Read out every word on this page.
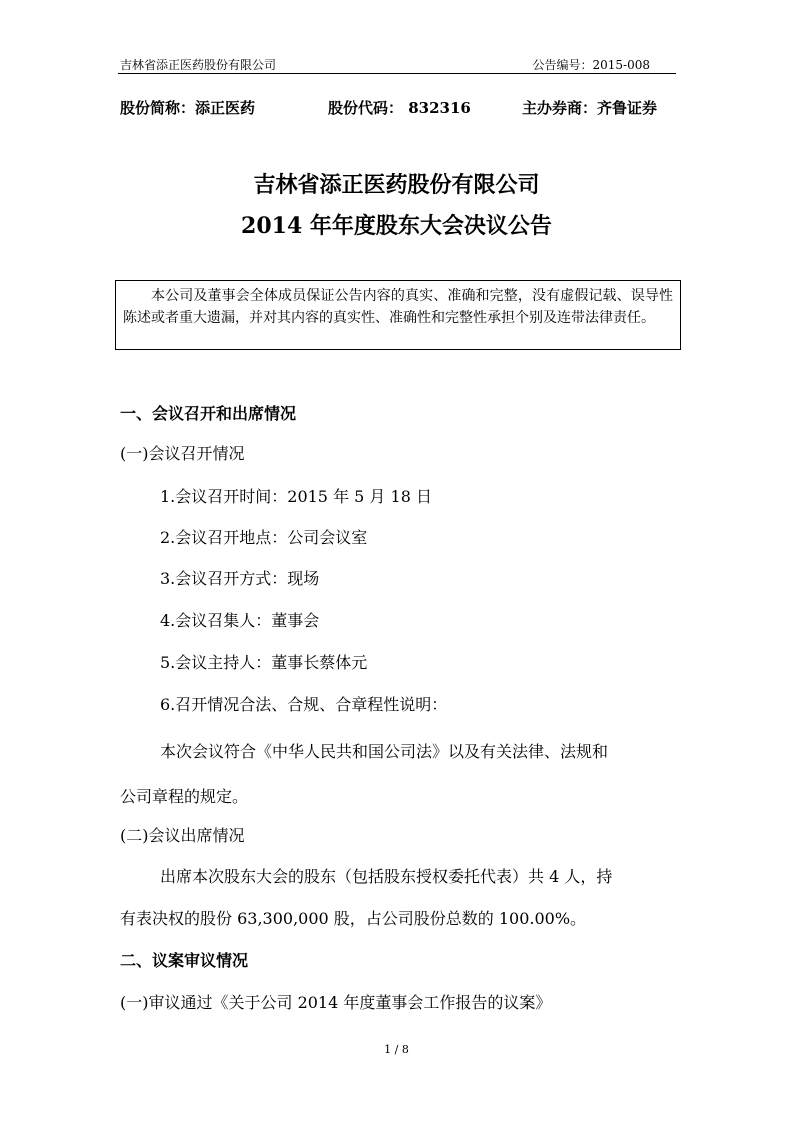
吉林省添正医药股份有限公司	公告编号：2015-008
股份简称：添正医药	股份代码： 832316	主办券商：齐鲁证券
吉林省添正医药股份有限公司
2014 年年度股东大会决议公告
本公司及董事会全体成员保证公告内容的真实、准确和完整，没有虚假记载、误导性陈述或者重大遗漏，并对其内容的真实性、准确性和完整性承担个别及连带法律责任。
一、会议召开和出席情况
(一)会议召开情况
1.会议召开时间：2015 年 5 月 18 日
2.会议召开地点：公司会议室
3.会议召开方式：现场
4.会议召集人：董事会
5.会议主持人：董事长蔡体元
6.召开情况合法、合规、合章程性说明：
本次会议符合《中华人民共和国公司法》以及有关法律、法规和
公司章程的规定。
(二)会议出席情况
出席本次股东大会的股东（包括股东授权委托代表）共 4 人，持
有表决权的股份 63,300,000 股，占公司股份总数的 100.00%。
二、议案审议情况
(一)审议通过《关于公司 2014 年度董事会工作报告的议案》
1 / 8
